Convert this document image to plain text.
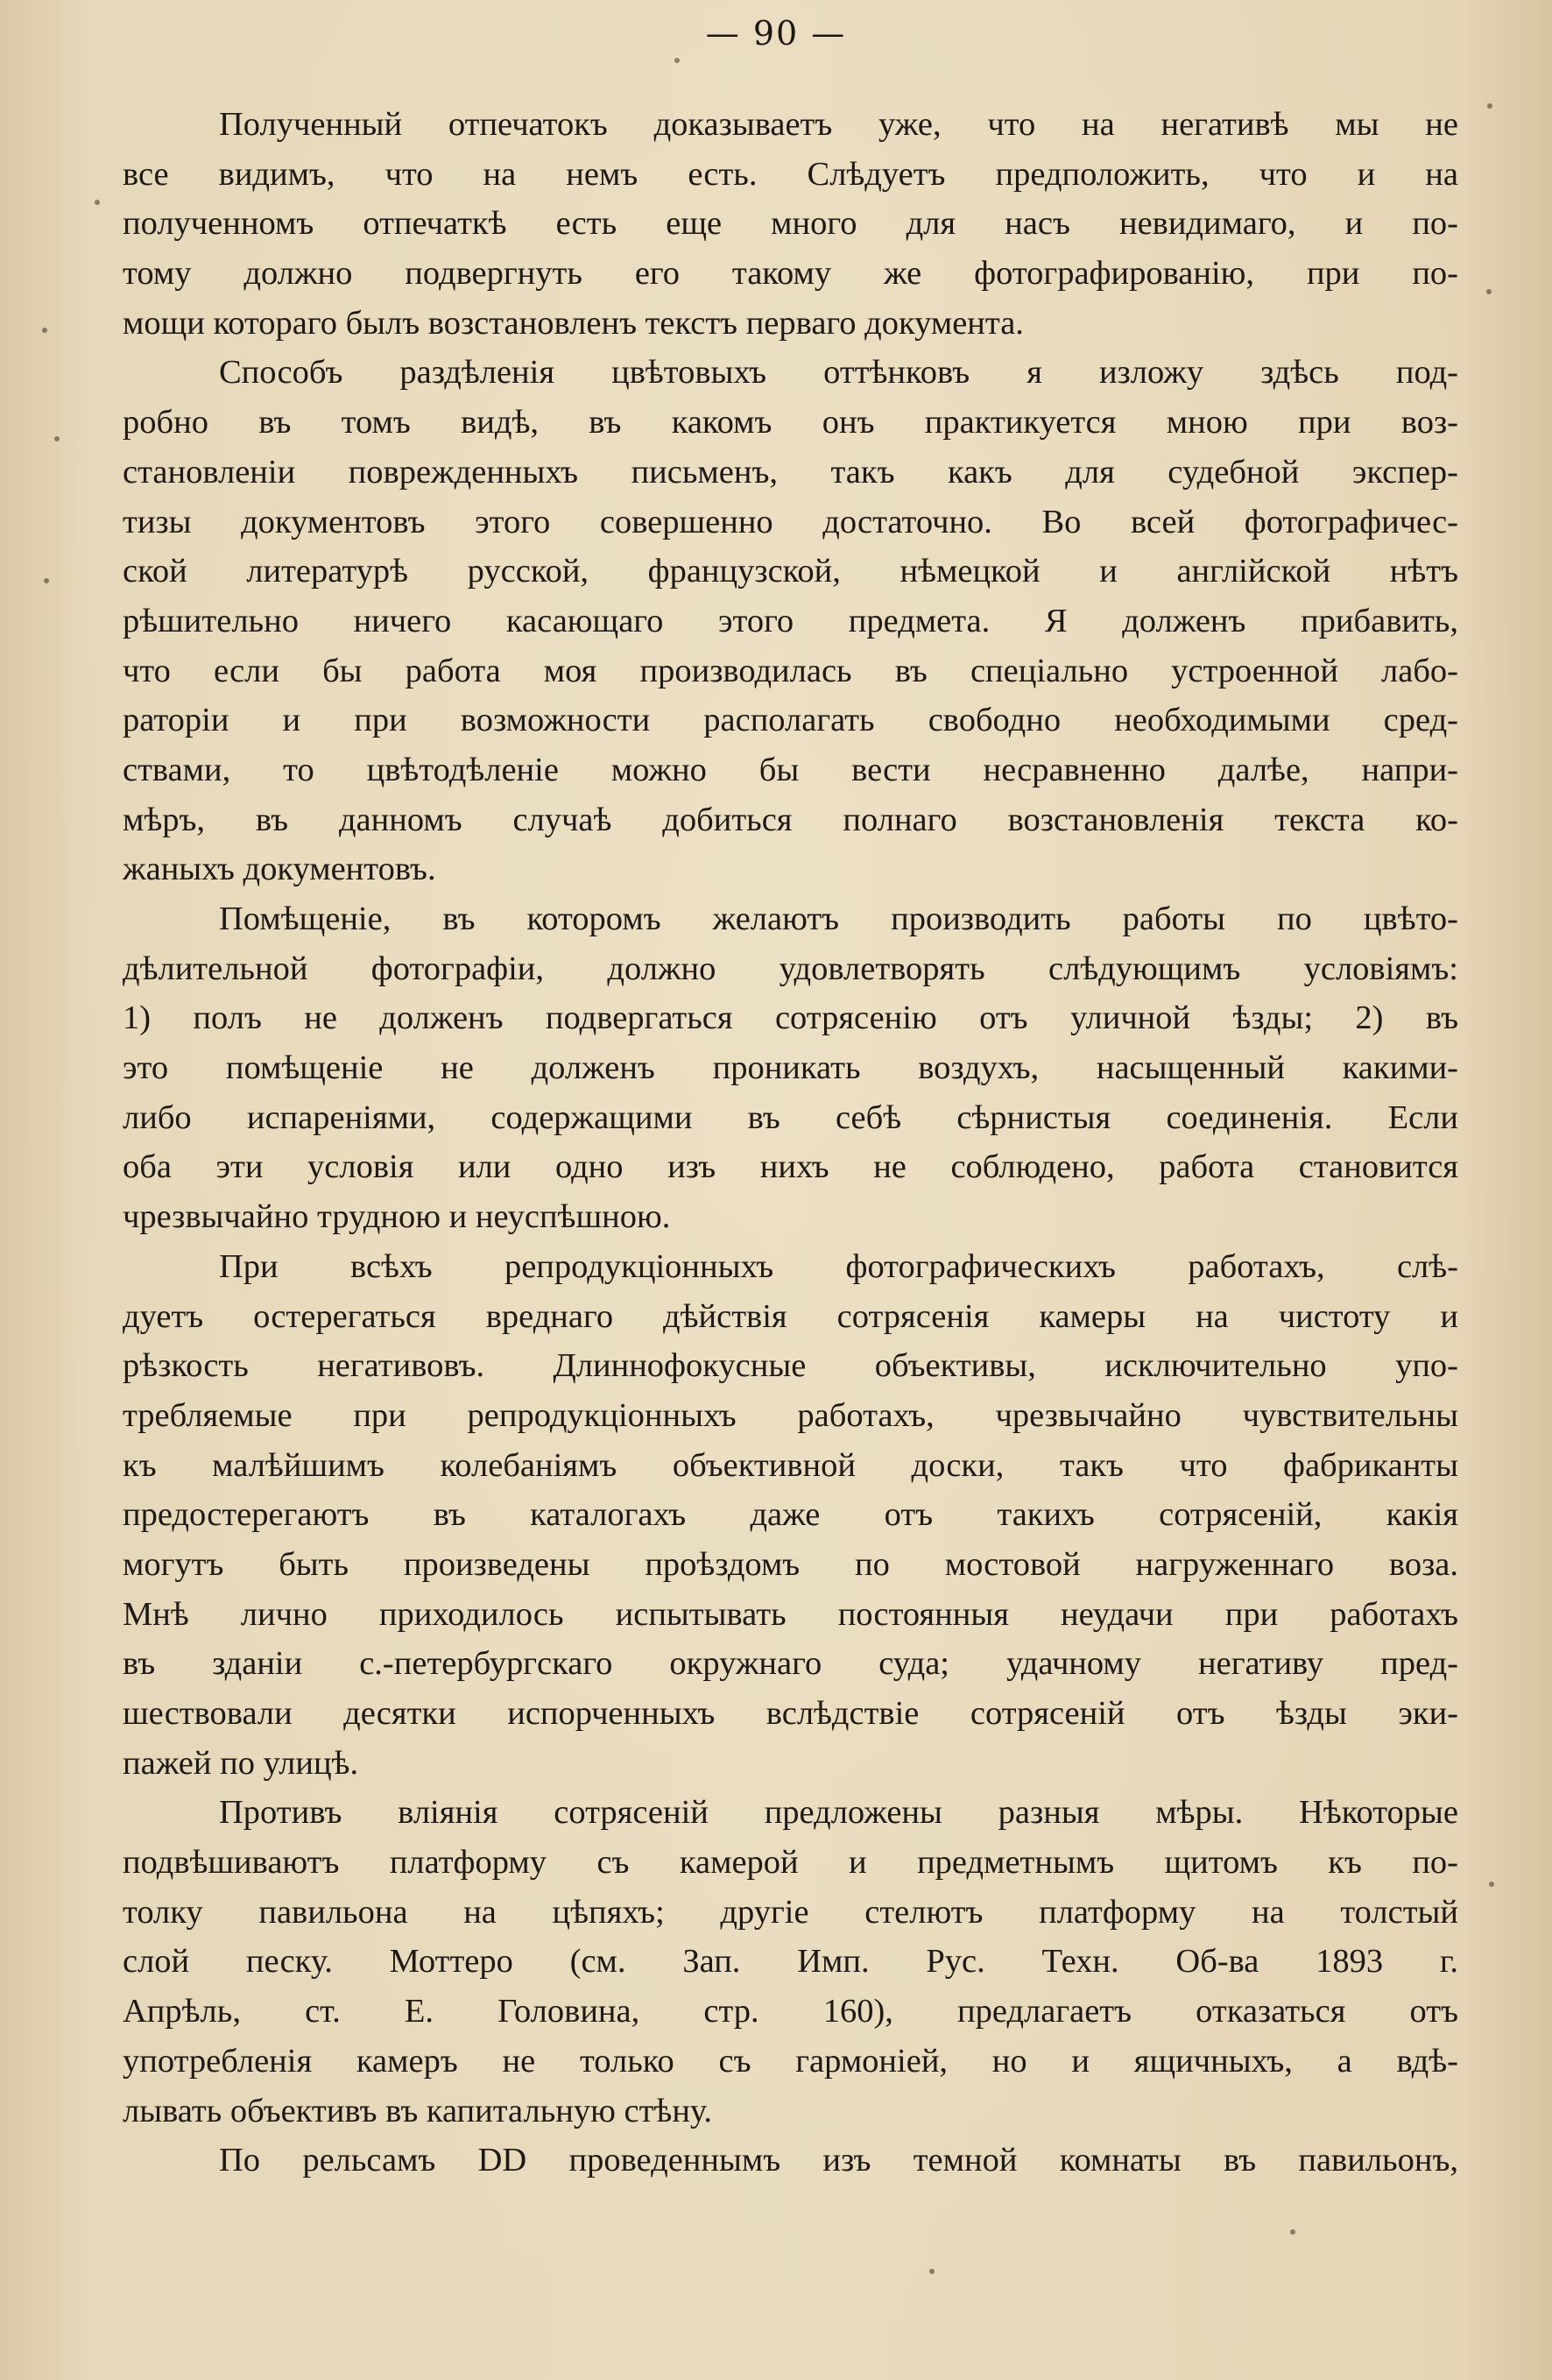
— 90 —
Полученный отпечатокъ доказываетъ уже, что на негативѣ мы не
все видимъ, что на немъ есть. Слѣдуетъ предположить, что и на
полученномъ отпечаткѣ есть еще много для насъ невидимаго, и по-
тому должно подвергнуть его такому же фотографированію, при по-
мощи котораго былъ возстановленъ текстъ перваго документа.
Способъ раздѣленія цвѣтовыхъ оттѣнковъ я изложу здѣсь под-
робно въ томъ видѣ, въ какомъ онъ практикуется мною при воз-
становленіи поврежденныхъ письменъ, такъ какъ для судебной экспер-
тизы документовъ этого совершенно достаточно. Во всей фотографичес-
ской литературѣ русской, французской, нѣмецкой и англійской нѣтъ
рѣшительно ничего касающаго этого предмета. Я долженъ прибавить,
что если бы работа моя производилась въ спеціально устроенной лабо-
раторіи и при возможности располагать свободно необходимыми сред-
ствами, то цвѣтодѣленіе можно бы вести несравненно далѣе, напри-
мѣръ, въ данномъ случаѣ добиться полнаго возстановленія текста ко-
жаныхъ документовъ.
Помѣщеніе, въ которомъ желаютъ производить работы по цвѣто-
дѣлительной фотографіи, должно удовлетворять слѣдующимъ условіямъ:
1) полъ не долженъ подвергаться сотрясенію отъ уличной ѣзды; 2) въ
это помѣщеніе не долженъ проникать воздухъ, насыщенный какими-
либо испареніями, содержащими въ себѣ сѣрнистыя соединенія. Если
оба эти условія или одно изъ нихъ не соблюдено, работа становится
чрезвычайно трудною и неуспѣшною.
При всѣхъ репродукціонныхъ фотографическихъ работахъ, слѣ-
дуетъ остерегаться вреднаго дѣйствія сотрясенія камеры на чистоту и
рѣзкость негативовъ. Длиннофокусные объективы, исключительно упо-
требляемые при репродукціонныхъ работахъ, чрезвычайно чувствительны
къ малѣйшимъ колебаніямъ объективной доски, такъ что фабриканты
предостерегаютъ въ каталогахъ даже отъ такихъ сотрясеній, какія
могутъ быть произведены проѣздомъ по мостовой нагруженнаго воза.
Мнѣ лично приходилось испытывать постоянныя неудачи при работахъ
въ зданіи с.-петербургскаго окружнаго суда; удачному негативу пред-
шествовали десятки испорченныхъ вслѣдствіе сотрясеній отъ ѣзды эки-
пажей по улицѣ.
Противъ вліянія сотрясеній предложены разныя мѣры. Нѣкоторые
подвѣшиваютъ платформу съ камерой и предметнымъ щитомъ къ по-
толку павильона на цѣпяхъ; другіе стелютъ платформу на толстый
слой песку. Моттеро (см. Зап. Имп. Рус. Техн. Об-ва 1893 г.
Апрѣль, ст. Е. Головина, стр. 160), предлагаетъ отказаться отъ
употребленія камеръ не только съ гармоніей, но и ящичныхъ, а вдѣ-
лывать объективъ въ капитальную стѣну.
По рельсамъ DD проведеннымъ изъ темной комнаты въ павильонъ,
